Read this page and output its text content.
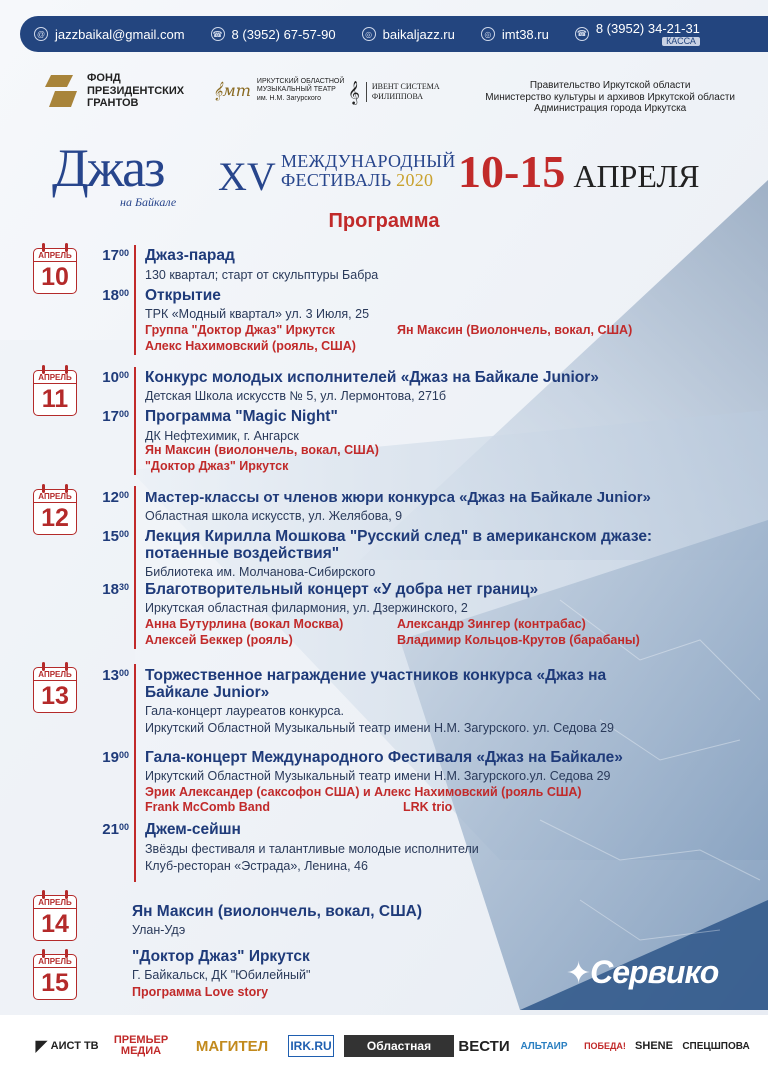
@ jazzbaikal@gmail.com	☎ 8 (3952) 67-57-90	◎ baikaljazz.ru	◎ imt38.ru	☎ 8 (3952) 34-21-31
КАССА
ФОНД
ПРЕЗИДЕНТСКИХ
ГРАНТОВ
𝄞мт ИРКУТСКИЙ ОБЛАСТНОЙ
МУЗЫКАЛЬНЫЙ ТЕАТР
им. Н.М. Загурского	𝄞 ИВЕНТ СИСТЕМА
ФИЛИППОВА
Правительство Иркутской области
Министерство культуры и архивов Иркутской области
Администрация города Иркутска
Джаз
на Байкале
XV МЕЖДУНАРОДНЫЙ
ФЕСТИВАЛЬ 2020 10-15 АПРЕЛЯ
Программа
АПРЕЛЬ
10
АПРЕЛЬ
11
АПРЕЛЬ
12
АПРЕЛЬ
13
АПРЕЛЬ
14
АПРЕЛЬ
15
$17^{00}$ Джаз-парад
130 квартал; старт от скульптуры Бабра
$18^{00}$ Открытие
ТРК «Модный квартал» ул. 3 Июля, 25
Группа "Доктор Джаз" Иркутск	Ян Максин (Виолончель, вокал, США)
Алекс Нахимовский (рояль, США)
$10^{00}$ Конкурс молодых исполнителей «Джаз на Байкале Junior»
Детская Школа искусств № 5, ул. Лермонтова, 271б
$17^{00}$ Программа "Magic Night"
ДК Нефтехимик, г. Ангарск
Ян Максин (виолончель, вокал, США)
"Доктор Джаз" Иркутск
$12^{00}$ Мастер-классы от членов жюри конкурса «Джаз на Байкале Junior»
Областная школа искусств, ул. Желябова, 9
$15^{00}$ Лекция Кирилла Мошкова "Русский след" в американском джазе: потаенные воздействия"
Библиотека им. Молчанова-Сибирского
$18^{30}$ Благотворительный концерт «У добра нет границ»
Иркутская областная филармония, ул. Дзержинского, 2
Анна Бутурлина (вокал Москва)	Александр Зингер (контрабас)
Алексей Беккер (рояль)	Владимир Кольцов-Крутов (барабаны)
$13^{00}$ Торжественное награждение участников конкурса «Джаз на Байкале Junior»
Гала-концерт лауреатов конкурса.
Иркутский Областной Музыкальный театр имени Н.М. Загурского. ул. Седова 29
$19^{00}$ Гала-концерт Международного Фестиваля «Джаз на Байкале»
Иркутский Областной Музыкальный театр имени Н.М. Загурского.ул. Седова 29
Эрик Александер (саксофон США) и Алекс Нахимовский (рояль США)
Frank McComb Band	LRK trio
$21^{00}$ Джем-сейшн
Звёзды фестиваля и талантливые молодые исполнители
Клуб-ресторан «Эстрада», Ленина, 46
Ян Максин (виолончель, вокал, США)
Улан-Удэ
"Доктор Джаз" Иркутск
Г. Байкальск, ДК "Юбилейный"
Программа Love story
✦Сервико
◤ АИСТ ТВ	ПРЕМЬЕР МЕДИА	МАГИТЕЛ IRK.RU	Областная ВЕСТИ АЛЬТАИР ПОБЕДА! SHENE СПЕЦШПОВА
